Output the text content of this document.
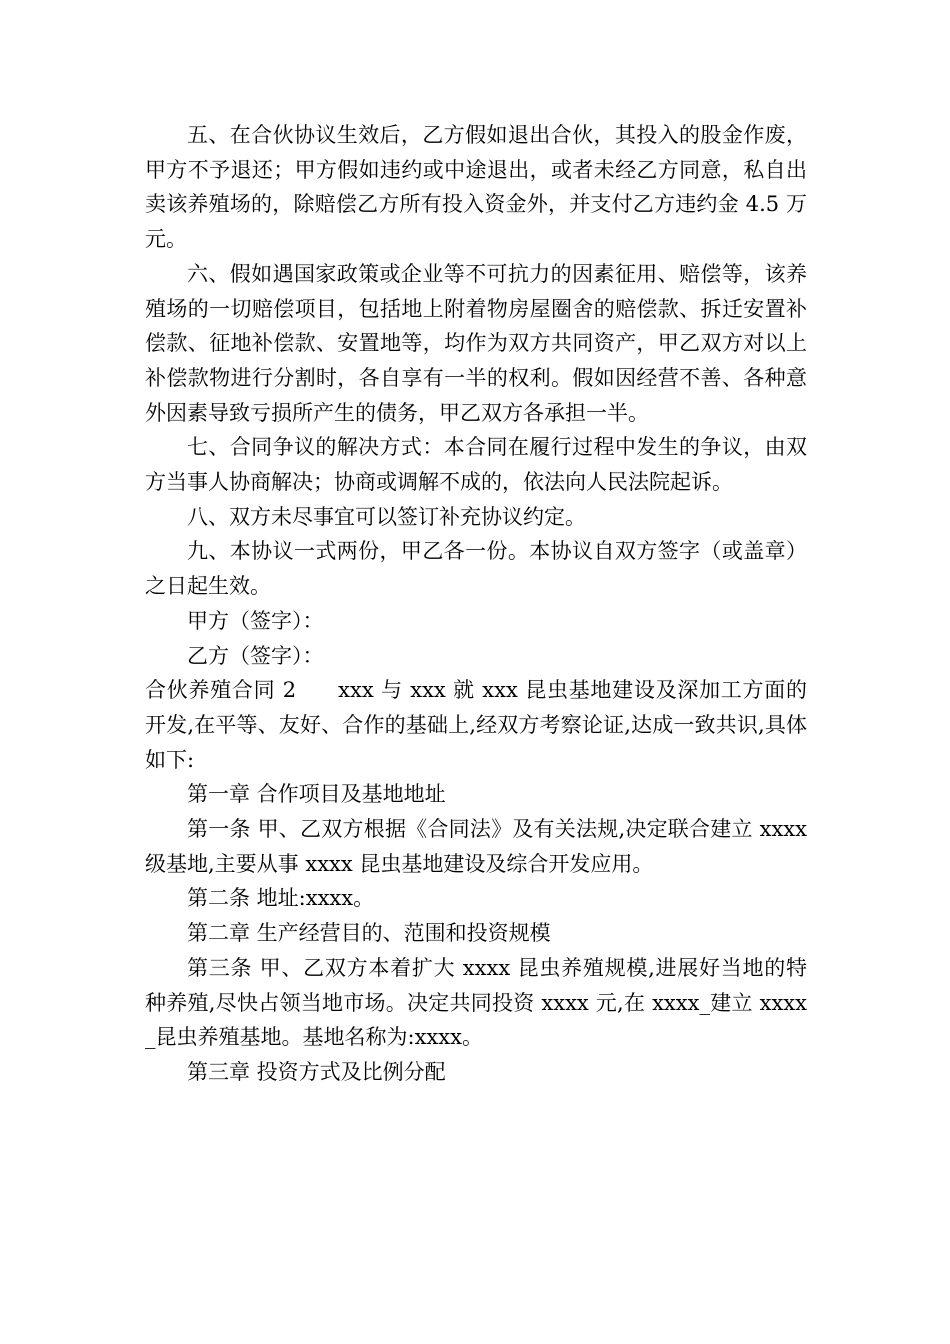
五、在合伙协议生效后，乙方假如退出合伙，其投入的股金作废，甲方不予退还；甲方假如违约或中途退出，或者未经乙方同意，私自出卖该养殖场的，除赔偿乙方所有投入资金外，并支付乙方违约金 4.5 万元。

六、假如遇国家政策或企业等不可抗力的因素征用、赔偿等，该养殖场的一切赔偿项目，包括地上附着物房屋圈舍的赔偿款、拆迁安置补偿款、征地补偿款、安置地等，均作为双方共同资产，甲乙双方对以上补偿款物进行分割时，各自享有一半的权利。假如因经营不善、各种意外因素导致亏损所产生的债务，甲乙双方各承担一半。

七、合同争议的解决方式：本合同在履行过程中发生的争议，由双方当事人协商解决；协商或调解不成的，依法向人民法院起诉。

八、双方未尽事宜可以签订补充协议约定。

九、本协议一式两份，甲乙各一份。本协议自双方签字（或盖章）之日起生效。

甲方（签字）：

乙方（签字）：

合伙养殖合同 2 xxx 与 xxx 就 xxx 昆虫基地建设及深加工方面的开发,在平等、友好、合作的基础上,经双方考察论证,达成一致共识,具体如下:

第一章 合作项目及基地地址

第一条 甲、乙双方根据《合同法》及有关法规,决定联合建立 xxxx 级基地,主要从事 xxxx 昆虫基地建设及综合开发应用。

第二条 地址:xxxx。

第二章 生产经营目的、范围和投资规模

第三条 甲、乙双方本着扩大 xxxx 昆虫养殖规模,进展好当地的特种养殖,尽快占领当地市场。决定共同投资 xxxx 元,在 xxxx_建立 xxxx_昆虫养殖基地。基地名称为:xxxx。

第三章 投资方式及比例分配
